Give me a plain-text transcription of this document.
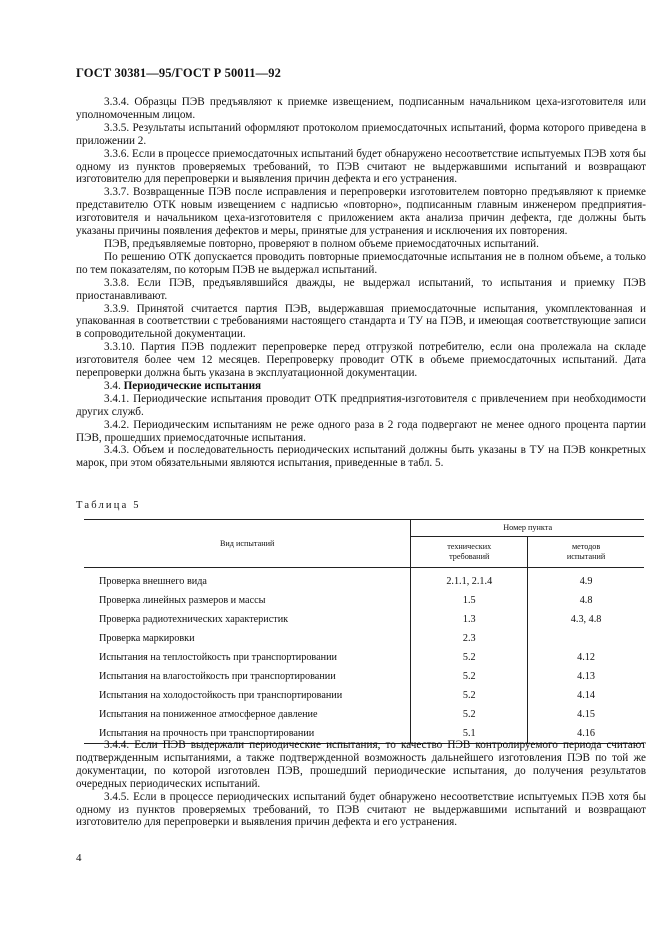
ГОСТ 30381—95/ГОСТ Р 50011—92

3.3.4. Образцы ПЭВ предъявляют к приемке извещением, подписанным начальником цеха-изготовителя или уполномоченным лицом.

3.3.5. Результаты испытаний оформляют протоколом приемосдаточных испытаний, форма которого приведена в приложении 2.

3.3.6. Если в процессе приемосдаточных испытаний будет обнаружено несоответствие испытуемых ПЭВ хотя бы одному из пунктов проверяемых требований, то ПЭВ считают не выдержавшими испытаний и возвращают изготовителю для перепроверки и выявления причин дефекта и его устранения.

3.3.7. Возвращенные ПЭВ после исправления и перепроверки изготовителем повторно предъявляют к приемке представителю ОТК новым извещением с надписью «повторно», подписанным главным инженером предприятия-изготовителя и начальником цеха-изготовителя с приложением акта анализа причин дефекта, где должны быть указаны причины появления дефектов и меры, принятые для устранения и исключения их повторения.

ПЭВ, предъявляемые повторно, проверяют в полном объеме приемосдаточных испытаний.

По решению ОТК допускается проводить повторные приемосдаточные испытания не в полном объеме, а только по тем показателям, по которым ПЭВ не выдержал испытаний.

3.3.8. Если ПЭВ, предъявлявшийся дважды, не выдержал испытаний, то испытания и приемку ПЭВ приостанавливают.

3.3.9. Принятой считается партия ПЭВ, выдержавшая приемосдаточные испытания, укомплектованная и упакованная в соответствии с требованиями настоящего стандарта и ТУ на ПЭВ, и имеющая соответствующие записи в сопроводительной документации.

3.3.10. Партия ПЭВ подлежит перепроверке перед отгрузкой потребителю, если она пролежала на складе изготовителя более чем 12 месяцев. Перепроверку проводит ОТК в объеме приемосдаточных испытаний. Дата перепроверки должна быть указана в эксплуатационной документации.

3.4. Периодические испытания

3.4.1. Периодические испытания проводит ОТК предприятия-изготовителя с привлечением при необходимости других служб.

3.4.2. Периодическим испытаниям не реже одного раза в 2 года подвергают не менее одного процента партии ПЭВ, прошедших приемосдаточные испытания.

3.4.3. Объем и последовательность периодических испытаний должны быть указаны в ТУ на ПЭВ конкретных марок, при этом обязательными являются испытания, приведенные в табл. 5.

Таблица 5
Вид испытаний	Номер пункта	
	технических требований	методов испытаний
Проверка внешнего вида	2.1.1, 2.1.4	4.9
Проверка линейных размеров и массы	1.5	4.8
Проверка радиотехнических характеристик	1.3	4.3, 4.8
Проверка маркировки	2.3	
Испытания на теплостойкость при транспортировании	5.2	4.12
Испытания на влагостойкость при транспортировании	5.2	4.13
Испытания на холодостойкость при транспортировании	5.2	4.14
Испытания на пониженное атмосферное давление	5.2	4.15
Испытания на прочность при транспортировании	5.1	4.16

3.4.4. Если ПЭВ выдержали периодические испытания, то качество ПЭВ контролируемого периода считают подтвержденным испытаниями, а также подтвержденной возможность дальнейшего изготовления ПЭВ по той же документации, по которой изготовлен ПЭВ, прошедший периодические испытания, до получения результатов очередных периодических испытаний.

3.4.5. Если в процессе периодических испытаний будет обнаружено несоответствие испытуемых ПЭВ хотя бы одному из пунктов проверяемых требований, то ПЭВ считают не выдержавшими испытаний и возвращают изготовителю для перепроверки и выявления причин дефекта и его устранения.

4
